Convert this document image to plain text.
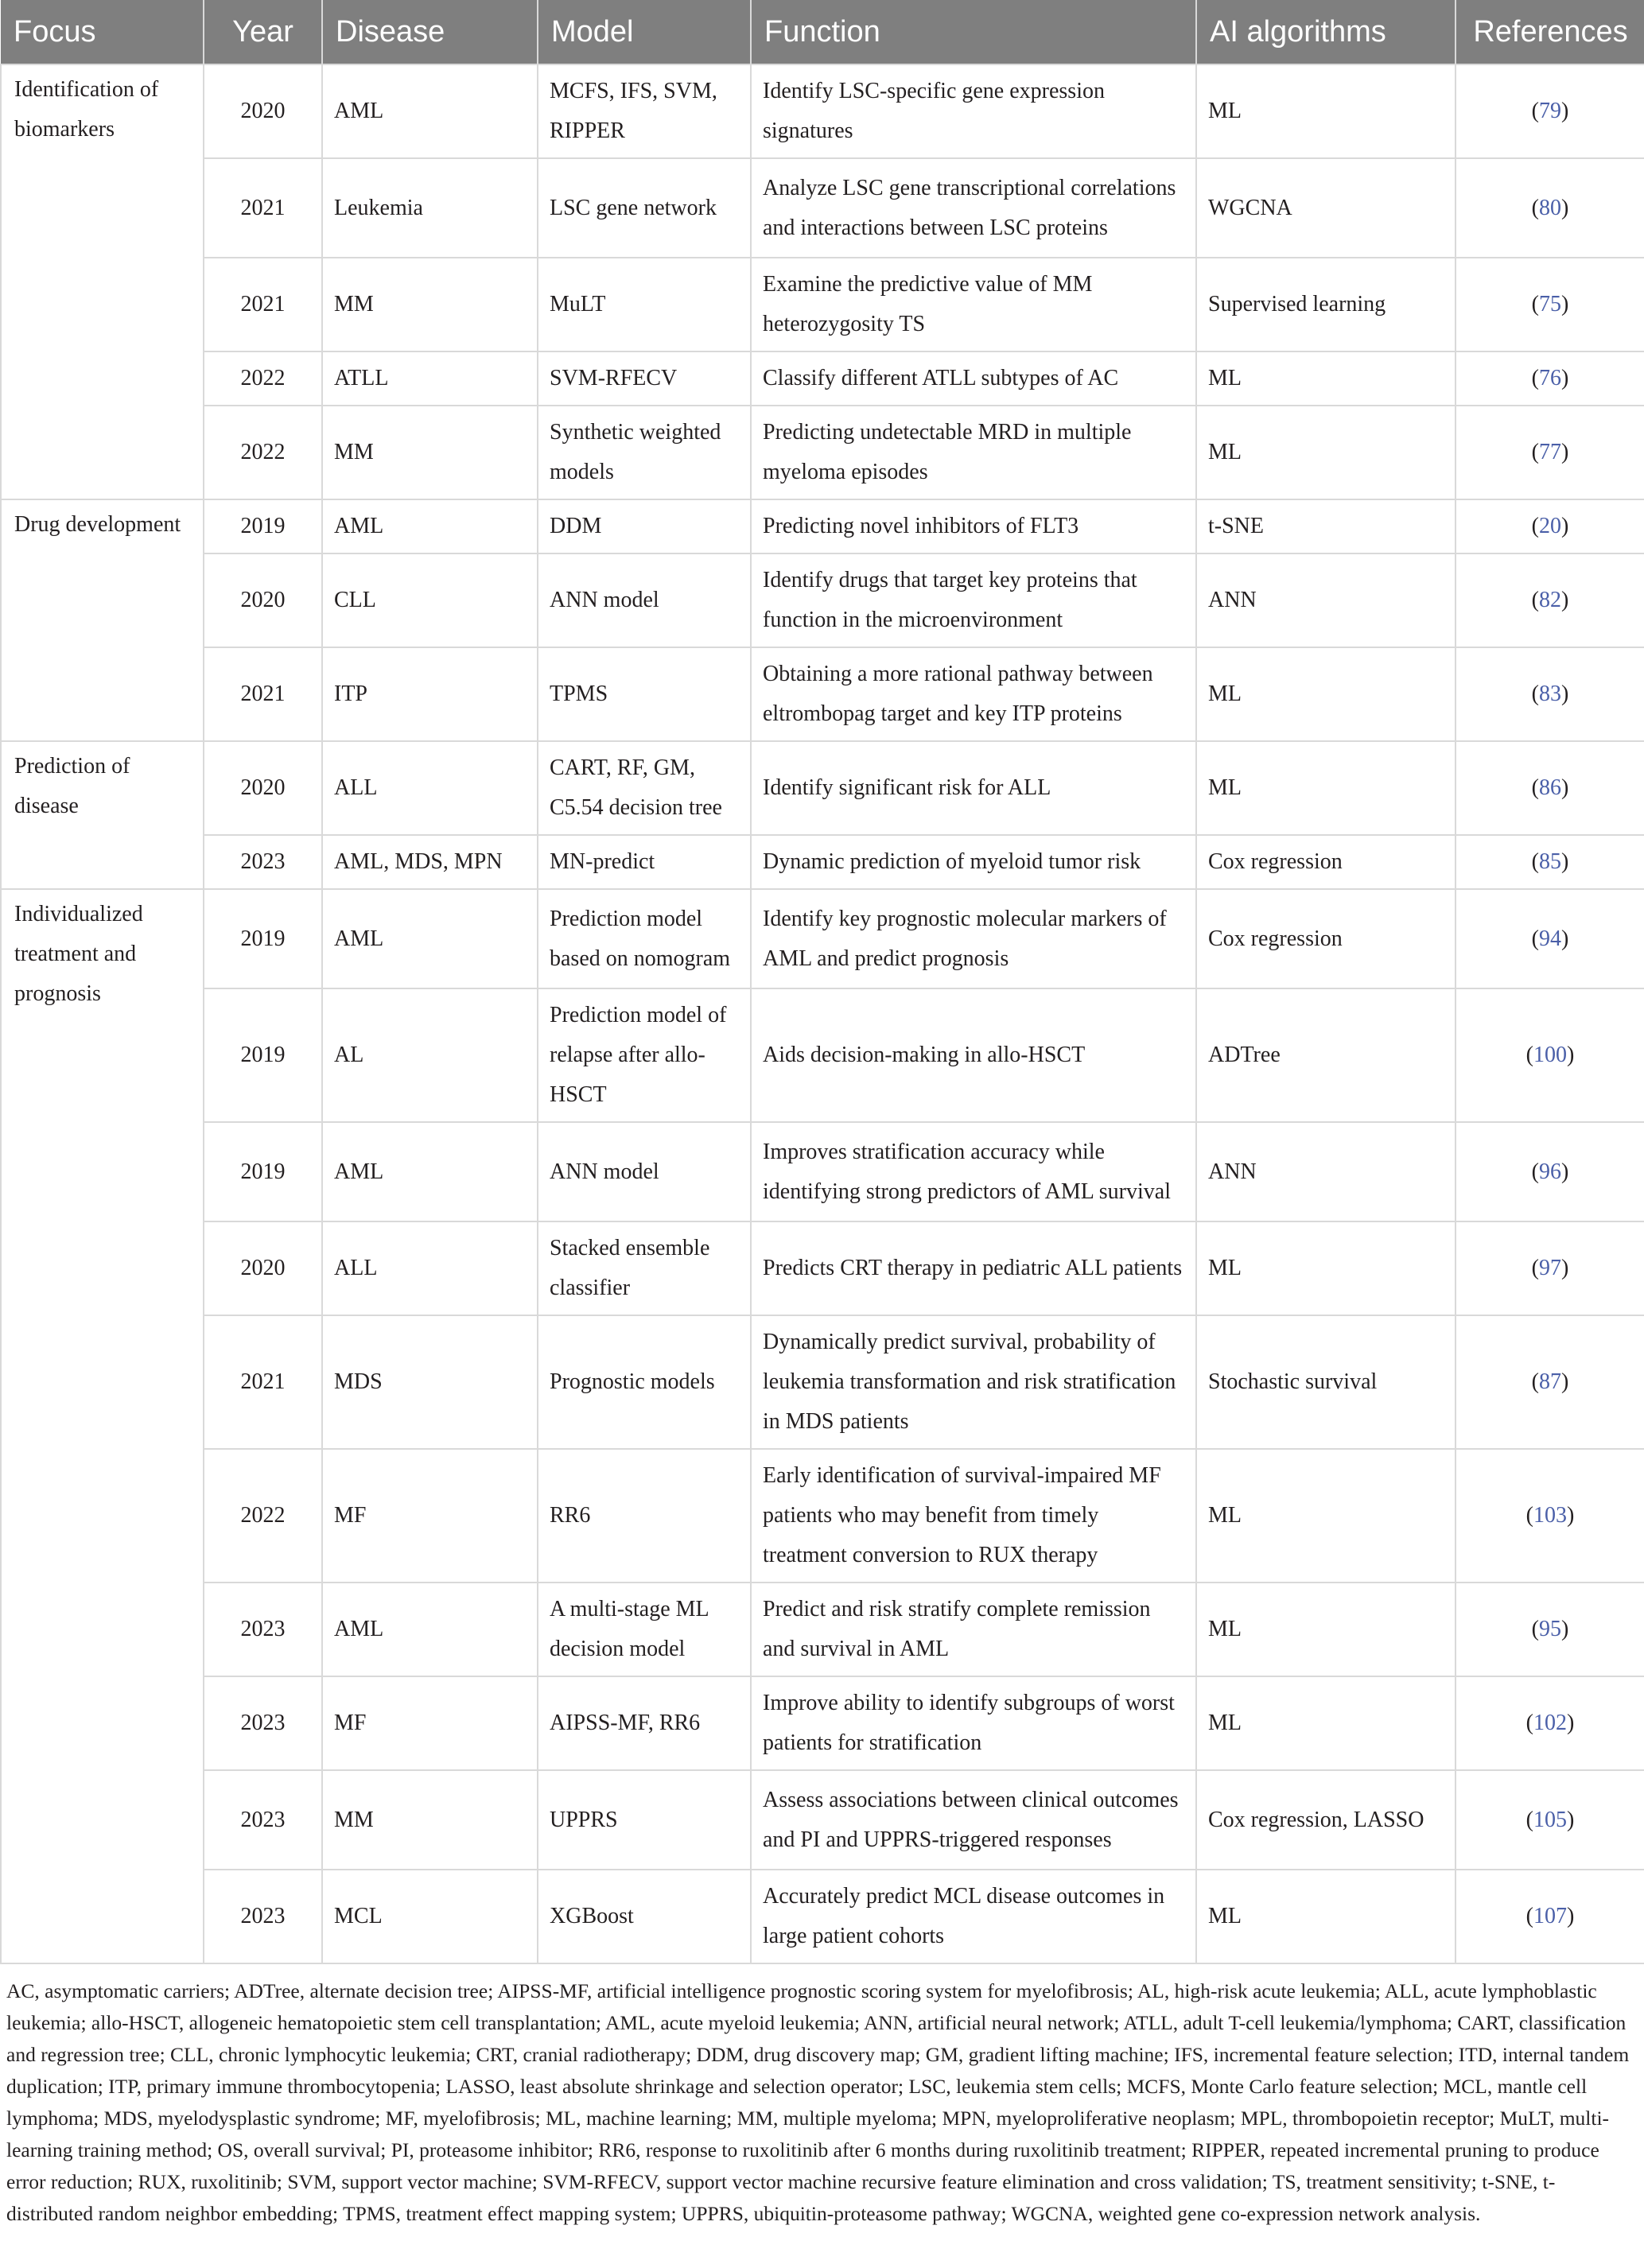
Focus	Year	Disease	Model	Function	AI algorithms	References
Identification of biomarkers	2020	AML	MCFS, IFS, SVM, RIPPER	Identify LSC-specific gene expression signatures	ML	(79)
	2021	Leukemia	LSC gene network	Analyze LSC gene transcriptional correlations and interactions between LSC proteins	WGCNA	(80)
	2021	MM	MuLT	Examine the predictive value of MM heterozygosity TS	Supervised learning	(75)
	2022	ATLL	SVM-RFECV	Classify different ATLL subtypes of AC	ML	(76)
	2022	MM	Synthetic weighted models	Predicting undetectable MRD in multiple myeloma episodes	ML	(77)
Drug development	2019	AML	DDM	Predicting novel inhibitors of FLT3	t-SNE	(20)
	2020	CLL	ANN model	Identify drugs that target key proteins that function in the microenvironment	ANN	(82)
	2021	ITP	TPMS	Obtaining a more rational pathway between eltrombopag target and key ITP proteins	ML	(83)
Prediction of disease	2020	ALL	CART, RF, GM, C5.54 decision tree	Identify significant risk for ALL	ML	(86)
	2023	AML, MDS, MPN	MN-predict	Dynamic prediction of myeloid tumor risk	Cox regression	(85)
Individualized treatment and prognosis	2019	AML	Prediction model based on nomogram	Identify key prognostic molecular markers of AML and predict prognosis	Cox regression	(94)
	2019	AL	Prediction model of relapse after allo-HSCT	Aids decision-making in allo-HSCT	ADTree	(100)
	2019	AML	ANN model	Improves stratification accuracy while identifying strong predictors of AML survival	ANN	(96)
	2020	ALL	Stacked ensemble classifier	Predicts CRT therapy in pediatric ALL patients	ML	(97)
	2021	MDS	Prognostic models	Dynamically predict survival, probability of leukemia transformation and risk stratification in MDS patients	Stochastic survival	(87)
	2022	MF	RR6	Early identification of survival-impaired MF patients who may benefit from timely treatment conversion to RUX therapy	ML	(103)
	2023	AML	A multi-stage ML decision model	Predict and risk stratify complete remission and survival in AML	ML	(95)
	2023	MF	AIPSS-MF, RR6	Improve ability to identify subgroups of worst patients for stratification	ML	(102)
	2023	MM	UPPRS	Assess associations between clinical outcomes and PI and UPPRS-triggered responses	Cox regression, LASSO	(105)
	2023	MCL	XGBoost	Accurately predict MCL disease outcomes in large patient cohorts	ML	(107)

AC, asymptomatic carriers; ADTree, alternate decision tree; AIPSS-MF, artificial intelligence prognostic scoring system for myelofibrosis; AL, high-risk acute leukemia; ALL, acute lymphoblastic leukemia; allo-HSCT, allogeneic hematopoietic stem cell transplantation; AML, acute myeloid leukemia; ANN, artificial neural network; ATLL, adult T-cell leukemia/lymphoma; CART, classification and regression tree; CLL, chronic lymphocytic leukemia; CRT, cranial radiotherapy; DDM, drug discovery map; GM, gradient lifting machine; IFS, incremental feature selection; ITD, internal tandem duplication; ITP, primary immune thrombocytopenia; LASSO, least absolute shrinkage and selection operator; LSC, leukemia stem cells; MCFS, Monte Carlo feature selection; MCL, mantle cell lymphoma; MDS, myelodysplastic syndrome; MF, myelofibrosis; ML, machine learning; MM, multiple myeloma; MPN, myeloproliferative neoplasm; MPL, thrombopoietin receptor; MuLT, multi-learning training method; OS, overall survival; PI, proteasome inhibitor; RR6, response to ruxolitinib after 6 months during ruxolitinib treatment; RIPPER, repeated incremental pruning to produce error reduction; RUX, ruxolitinib; SVM, support vector machine; SVM-RFECV, support vector machine recursive feature elimination and cross validation; TS, treatment sensitivity; t-SNE, t-distributed random neighbor embedding; TPMS, treatment effect mapping system; UPPRS, ubiquitin-proteasome pathway; WGCNA, weighted gene co-expression network analysis.
